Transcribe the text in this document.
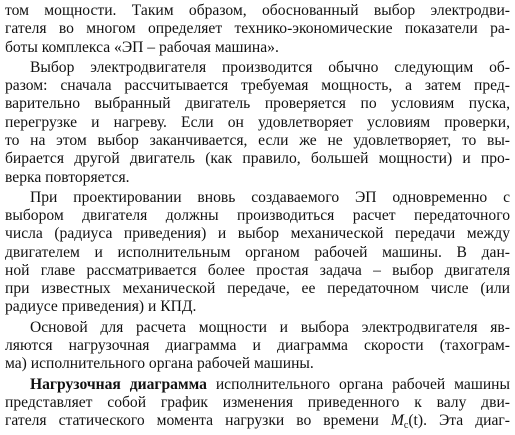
том мощности. Таким образом, обоснованный выбор электродви-
гателя во многом определяет технико-экономические показатели ра-
боты комплекса «ЭП – рабочая машина».
Выбор электродвигателя производится обычно следующим об-
разом: сначала рассчитывается требуемая мощность, а затем пред-
варительно выбранный двигатель проверяется по условиям пуска,
перегрузке и нагреву. Если он удовлетворяет условиям проверки,
то на этом выбор заканчивается, если же не удовлетворяет, то вы-
бирается другой двигатель (как правило, большей мощности) и про-
верка повторяется.
При проектировании вновь создаваемого ЭП одновременно с
выбором двигателя должны производиться расчет передаточного
числа (радиуса приведения) и выбор механической передачи между
двигателем и исполнительным органом рабочей машины. В дан-
ной главе рассматривается более простая задача – выбор двигателя
при известных механической передаче, ее передаточном числе (или
радиусе приведения) и КПД.
Основой для расчета мощности и выбора электродвигателя яв-
ляются нагрузочная диаграмма и диаграмма скорости (тахограм-
ма) исполнительного органа рабочей машины.
Нагрузочная диаграмма исполнительного органа рабочей машины
представляет собой график изменения приведенного к валу дви-
гателя статического момента нагрузки во времени $M_с(t)$. Эта диаг-
